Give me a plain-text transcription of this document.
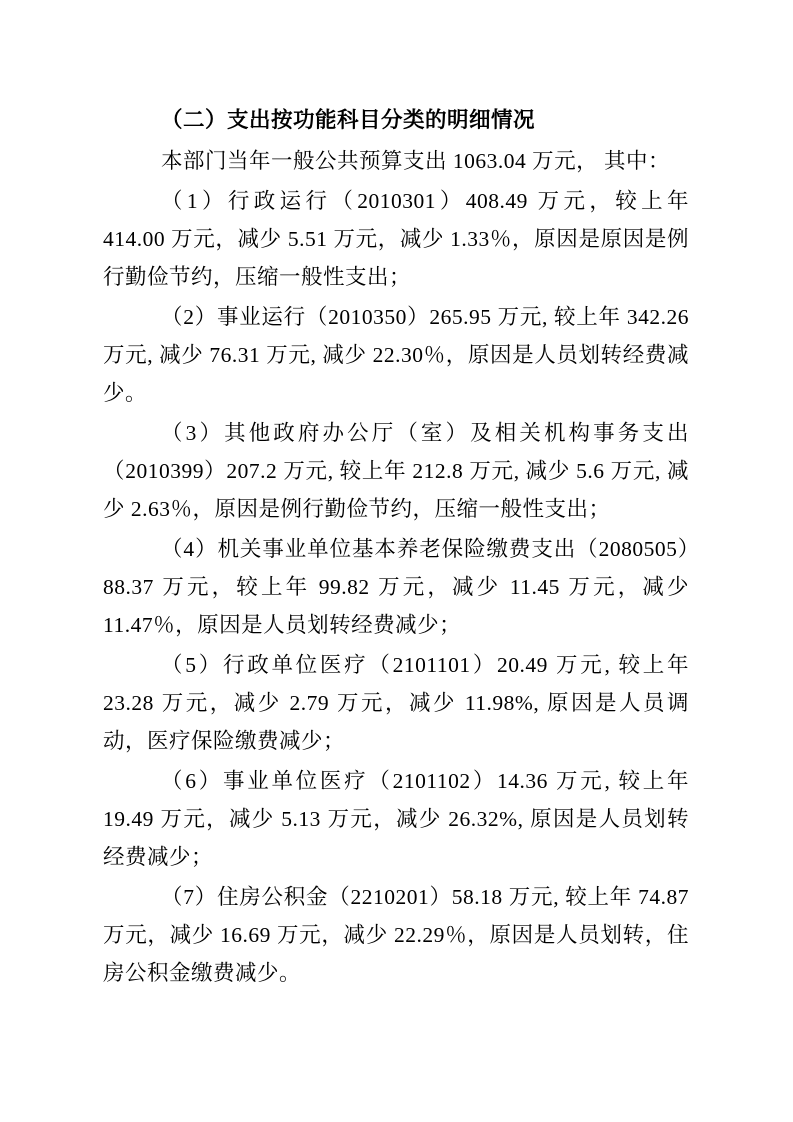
（二）支出按功能科目分类的明细情况

本部门当年一般公共预算支出 1063.04 万元， 其中：

（1）行政运行（2010301）408.49 万元，较上年 414.00 万元，减少 5.51 万元，减少 1.33％，原因是原因是例行勤俭节约，压缩一般性支出；

（2）事业运行（2010350）265.95 万元, 较上年 342.26 万元, 减少 76.31 万元, 减少 22.30％，原因是人员划转经费减少。

（3）其他政府办公厅（室）及相关机构事务支出（2010399）207.2 万元, 较上年 212.8 万元, 减少 5.6 万元, 减少 2.63％，原因是例行勤俭节约，压缩一般性支出；

（4）机关事业单位基本养老保险缴费支出（2080505）88.37 万元，较上年 99.82 万元，减少 11.45 万元，减少 11.47％，原因是人员划转经费减少；

（5）行政单位医疗（2101101）20.49 万元, 较上年 23.28 万元，减少 2.79 万元，减少 11.98%, 原因是人员调动，医疗保险缴费减少；

（6）事业单位医疗（2101102）14.36 万元, 较上年 19.49 万元，减少 5.13 万元，减少 26.32%, 原因是人员划转经费减少；

（7）住房公积金（2210201）58.18 万元, 较上年 74.87 万元，减少 16.69 万元，减少 22.29％，原因是人员划转，住房公积金缴费减少。
